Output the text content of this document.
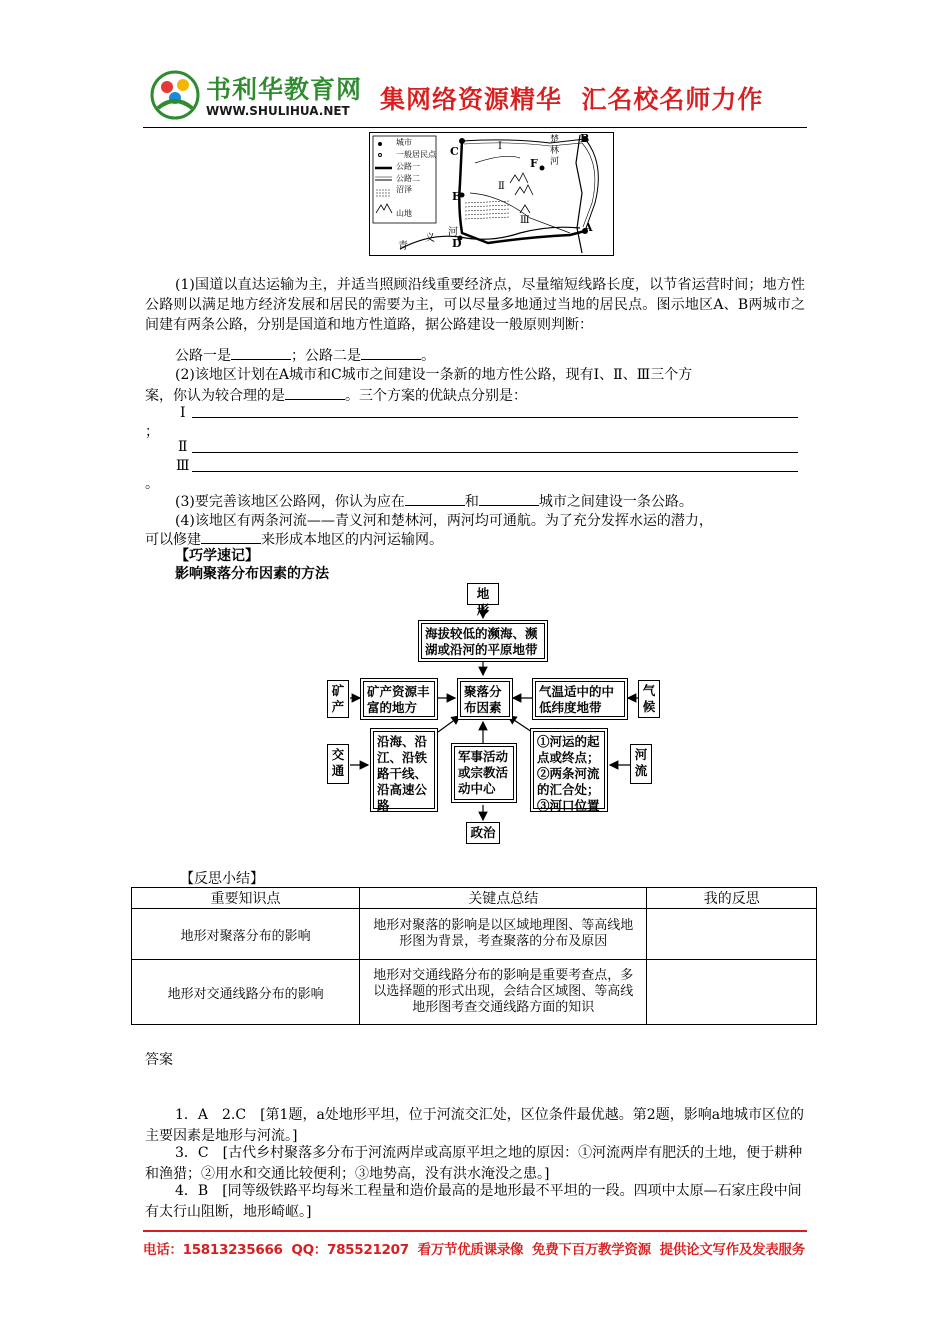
书利华教育网
WWW.SHULIHUA.NET 集网络资源精华  汇名校名师力作
城市
一般居民点
公路一
公路二
沼泽
山地
C
B
A
D
E
F
Ⅰ
Ⅱ
Ⅲ
楚林河
青
义
河
(1)国道以直达运输为主，并适当照顾沿线重要经济点，尽量缩短线路长度，以节省运营时间；地方性公路则以满足地方经济发展和居民的需要为主，可以尽量多地通过当地的居民点。图示地区A、B两城市之间建有两条公路，分别是国道和地方性道路，据公路建设一般原则判断：
公路一是	；公路二是	。
(2)该地区计划在A城市和C城市之间建设一条新的地方性公路，现有Ⅰ、Ⅱ、Ⅲ三个方
案，你认为较合理的是	。三个方案的优缺点分别是：
Ⅰ
；
Ⅱ
Ⅲ
。
(3)要完善该地区公路网，你认为应在	和	城市之间建设一条公路。
(4)该地区有两条河流——青义河和楚林河，两河均可通航。为了充分发挥水运的潜力，
可以修建	来形成本地区的内河运输网。
【巧学速记】
影响聚落分布因素的方法
地形
海拔较低的濒海、濒湖或沿河的平原地带
矿产
矿产资源丰富的地方
聚落分布因素
气温适中的中低纬度地带
气候
交通
沿海、沿江、沿铁路干线、沿高速公路
军事活动或宗教活动中心
①河运的起点或终点；②两条河流的汇合处；③河口位置
河流
政治
【反思小结】
重要知识点	关键点总结	我的反思
地形对聚落分布的影响	地形对聚落的影响是以区域地理图、等高线地形图为背景，考查聚落的分布及原因	
地形对交通线路分布的影响	地形对交通线路分布的影响是重要考查点，多以选择题的形式出现，会结合区域图、等高线地形图考查交通线路方面的知识	
答案
1．A　2.C　[第1题，a处地形平坦，位于河流交汇处，区位条件最优越。第2题，影响a地城市区位的主要因素是地形与河流。]
3．C　[古代乡村聚落多分布于河流两岸或高原平坦之地的原因：①河流两岸有肥沃的土地，便于耕种和渔猎；②用水和交通比较便利；③地势高，没有洪水淹没之患。]
4．B　[同等级铁路平均每米工程量和造价最高的是地形最不平坦的一段。四项中太原—石家庄段中间有太行山阻断，地形崎岖。]
电话：15813235666  QQ：785521207  看万节优质课录像  免费下百万教学资源  提供论文写作及发表服务
